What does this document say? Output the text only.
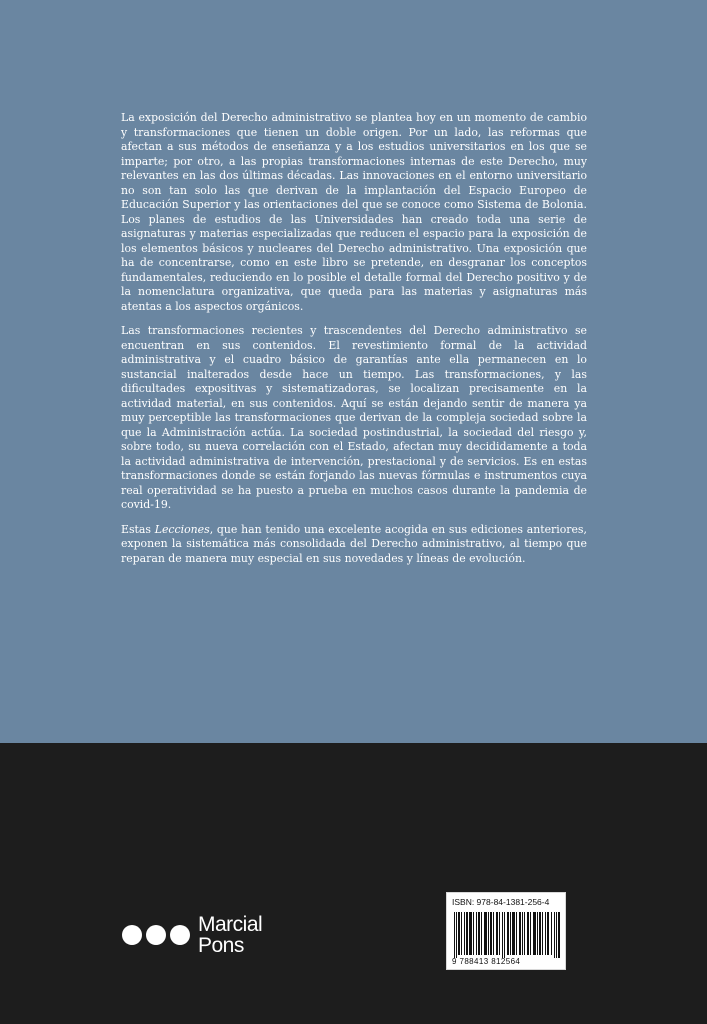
La exposición del Derecho administrativo se plantea hoy en un momento de cambio y transformaciones que tienen un doble origen. Por un lado, las reformas que afectan a sus métodos de enseñanza y a los estudios universitarios en los que se imparte; por otro, a las propias transformaciones internas de este Derecho, muy relevantes en las dos últimas décadas. Las innovaciones en el entorno universitario no son tan solo las que derivan de la implantación del Espacio Europeo de Educación Superior y las orientaciones del que se conoce como Sistema de Bolonia. Los planes de estudios de las Universidades han creado toda una serie de asignaturas y materias especializadas que reducen el espacio para la exposición de los elementos básicos y nucleares del Derecho administrativo. Una exposición que ha de concentrarse, como en este libro se pretende, en desgranar los conceptos fundamentales, reduciendo en lo posible el detalle formal del Derecho positivo y de la nomenclatura organizativa, que queda para las materias y asignaturas más atentas a los aspectos orgánicos.

Las transformaciones recientes y trascendentes del Derecho administrativo se encuentran en sus contenidos. El revestimiento formal de la actividad administrativa y el cuadro básico de garantías ante ella permanecen en lo sustancial inalterados desde hace un tiempo. Las transformaciones, y las dificultades expositivas y sistematizadoras, se localizan precisamente en la actividad material, en sus contenidos. Aquí se están dejando sentir de manera ya muy perceptible las transformaciones que derivan de la compleja sociedad sobre la que la Administración actúa. La sociedad postindustrial, la sociedad del riesgo y, sobre todo, su nueva correlación con el Estado, afectan muy decididamente a toda la actividad administrativa de intervención, prestacional y de servicios. Es en estas transformaciones donde se están forjando las nuevas fórmulas e instrumentos cuya real operatividad se ha puesto a prueba en muchos casos durante la pandemia de covid-19.

Estas Lecciones, que han tenido una excelente acogida en sus ediciones anteriores, exponen la sistemática más consolidada del Derecho administrativo, al tiempo que reparan de manera muy especial en sus novedades y líneas de evolución.

Marcial
Pons
ISBN: 978-84-1381-256-4
9 788413 812564
